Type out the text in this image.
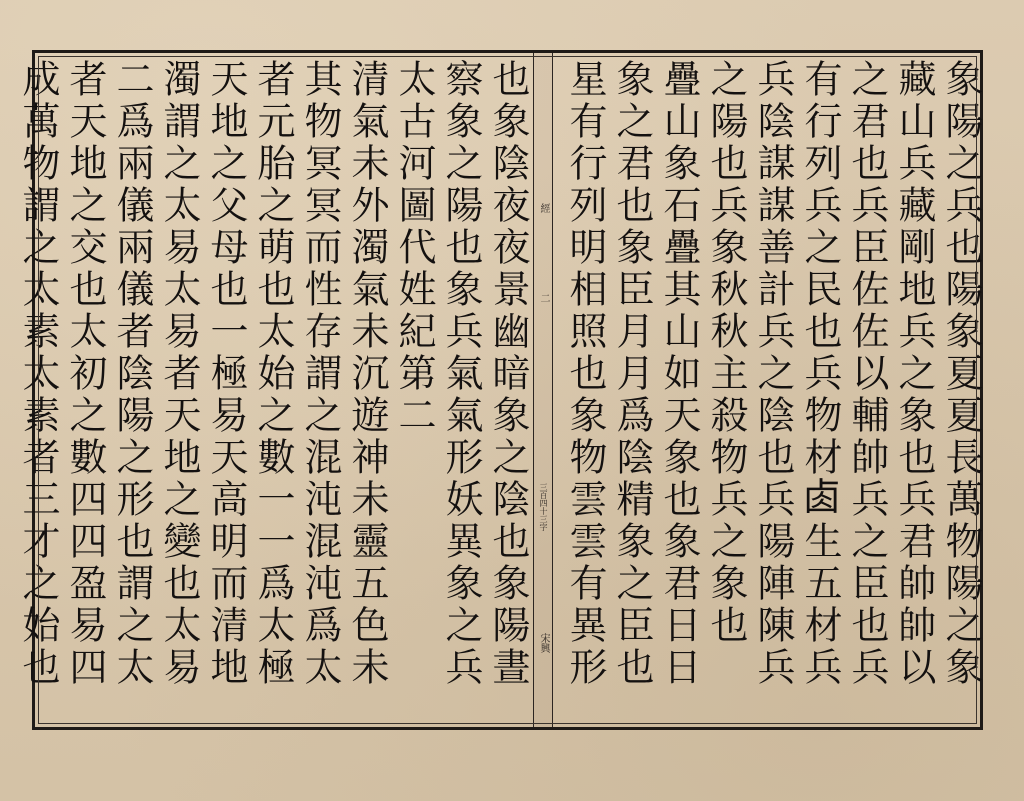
象陽之兵也陽象夏夏長萬物陽之象
藏山兵藏剛地兵之象也兵君帥帥以
之君也兵臣佐佐以輔帥兵之臣也兵
有行列兵之民也兵物材𠧪生五材兵
兵陰謀謀善計兵之陰也兵陽陣陳兵
之陽也兵象秋秋主殺物兵之象也
疊山象石疊其山如天象也象君日日
象之君也象臣月月爲陰精象之臣也
星有行列明相照也象物雲雲有異形
經
二
三百四十三字
宋興
也象陰夜夜景幽暗象之陰也象陽晝
察象之陽也象兵氣氣形妖異象之兵
太古河圖代姓紀第二
清氣未外濁氣未沉遊神未靈五色未
其物冥冥而性存謂之混沌混沌爲太
者元胎之萌也太始之數一一爲太極
天地之父母也一極易天高明而清地
濁謂之太易太易者天地之變也太易
二爲兩儀兩儀者陰陽之形也謂之太
者天地之交也太初之數四四盈易四
成萬物謂之太素太素者三才之始也
